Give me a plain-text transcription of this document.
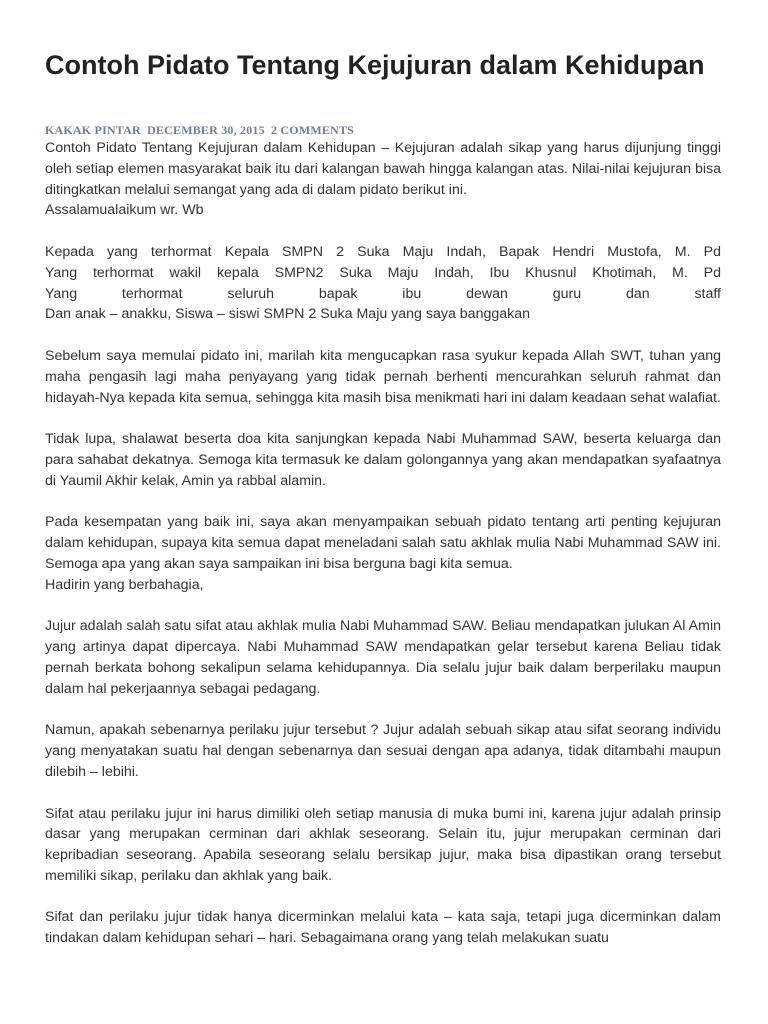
Contoh Pidato Tentang Kejujuran dalam Kehidupan
KAKAK PINTAR DECEMBER 30, 2015 2 COMMENTS

Contoh Pidato Tentang Kejujuran dalam Kehidupan – Kejujuran adalah sikap yang harus dijunjung tinggi oleh setiap elemen masyarakat baik itu dari kalangan bawah hingga kalangan atas. Nilai-nilai kejujuran bisa ditingkatkan melalui semangat yang ada di dalam pidato berikut ini.
Assalamualaikum wr. Wb

Kepada yang terhormat Kepala SMPN 2 Suka Maju Indah, Bapak Hendri Mustofa, M. Pd
Yang terhormat wakil kepala SMPN2 Suka Maju Indah, Ibu Khusnul Khotimah, M. Pd
Yang terhormat seluruh bapak ibu dewan guru dan staff
Dan anak – anakku, Siswa – siswi SMPN 2 Suka Maju yang saya banggakan

Sebelum saya memulai pidato ini, marilah kita mengucapkan rasa syukur kepada Allah SWT, tuhan yang maha pengasih lagi maha penyayang yang tidak pernah berhenti mencurahkan seluruh rahmat dan hidayah-Nya kepada kita semua, sehingga kita masih bisa menikmati hari ini dalam keadaan sehat walafiat.

Tidak lupa, shalawat beserta doa kita sanjungkan kepada Nabi Muhammad SAW, beserta keluarga dan para sahabat dekatnya. Semoga kita termasuk ke dalam golongannya yang akan mendapatkan syafaatnya di Yaumil Akhir kelak, Amin ya rabbal alamin.

Pada kesempatan yang baik ini, saya akan menyampaikan sebuah pidato tentang arti penting kejujuran dalam kehidupan, supaya kita semua dapat meneladani salah satu akhlak mulia Nabi Muhammad SAW ini. Semoga apa yang akan saya sampaikan ini bisa berguna bagi kita semua.
Hadirin yang berbahagia,

Jujur adalah salah satu sifat atau akhlak mulia Nabi Muhammad SAW. Beliau mendapatkan julukan Al Amin yang artinya dapat dipercaya. Nabi Muhammad SAW mendapatkan gelar tersebut karena Beliau tidak pernah berkata bohong sekalipun selama kehidupannya. Dia selalu jujur baik dalam berperilaku maupun dalam hal pekerjaannya sebagai pedagang.

Namun, apakah sebenarnya perilaku jujur tersebut ? Jujur adalah sebuah sikap atau sifat seorang individu yang menyatakan suatu hal dengan sebenarnya dan sesuai dengan apa adanya, tidak ditambahi maupun dilebih – lebihi.

Sifat atau perilaku jujur ini harus dimiliki oleh setiap manusia di muka bumi ini, karena jujur adalah prinsip dasar yang merupakan cerminan dari akhlak seseorang. Selain itu, jujur merupakan cerminan dari kepribadian seseorang. Apabila seseorang selalu bersikap jujur, maka bisa dipastikan orang tersebut memiliki sikap, perilaku dan akhlak yang baik.

Sifat dan perilaku jujur tidak hanya dicerminkan melalui kata – kata saja, tetapi juga dicerminkan dalam tindakan dalam kehidupan sehari – hari. Sebagaimana orang yang telah melakukan suatu
